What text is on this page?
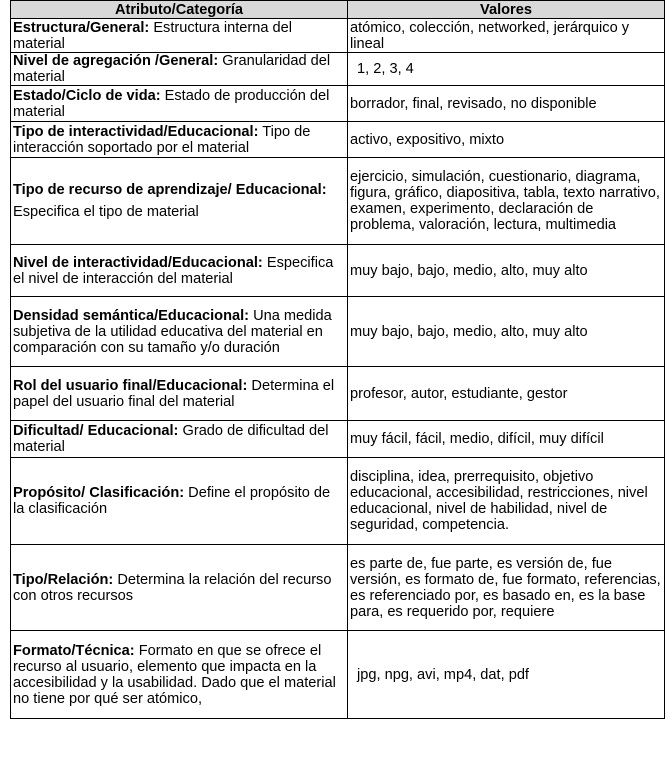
Atributo/Categoría	Valores
Estructura/General: Estructura interna del material	atómico, colección, networked, jerárquico y lineal
Nivel de agregación /General: Granularidad del material	1, 2, 3, 4
Estado/Ciclo de vida: Estado de producción del material	borrador, final, revisado, no disponible
Tipo de interactividad/Educacional: Tipo de interacción soportado por el material	activo, expositivo, mixto
Tipo de recurso de aprendizaje/ Educacional: Especifica el tipo de material	ejercicio, simulación, cuestionario, diagrama, figura, gráfico, diapositiva, tabla, texto narrativo, examen, experimento, declaración de problema, valoración, lectura, multimedia
Nivel de interactividad/Educacional: Especifica el nivel de interacción del material	muy bajo, bajo, medio, alto, muy alto
Densidad semántica/Educacional: Una medida subjetiva de la utilidad educativa del material en comparación con su tamaño y/o duración	muy bajo, bajo, medio, alto, muy alto
Rol del usuario final/Educacional: Determina el papel del usuario final del material	profesor, autor, estudiante, gestor
Dificultad/ Educacional: Grado de dificultad del material	muy fácil, fácil, medio, difícil, muy difícil
Propósito/ Clasificación: Define el propósito de la clasificación	disciplina, idea, prerrequisito, objetivo educacional, accesibilidad, restricciones, nivel educacional, nivel de habilidad, nivel de seguridad, competencia.
Tipo/Relación: Determina la relación del recurso con otros recursos	es parte de, fue parte, es versión de, fue versión, es formato de, fue formato, referencias, es referenciado por, es basado en, es la base para, es requerido por, requiere
Formato/Técnica: Formato en que se ofrece el recurso al usuario, elemento que impacta en la accesibilidad y la usabilidad. Dado que el material no tiene por qué ser atómico,	jpg, npg, avi, mp4, dat, pdf
